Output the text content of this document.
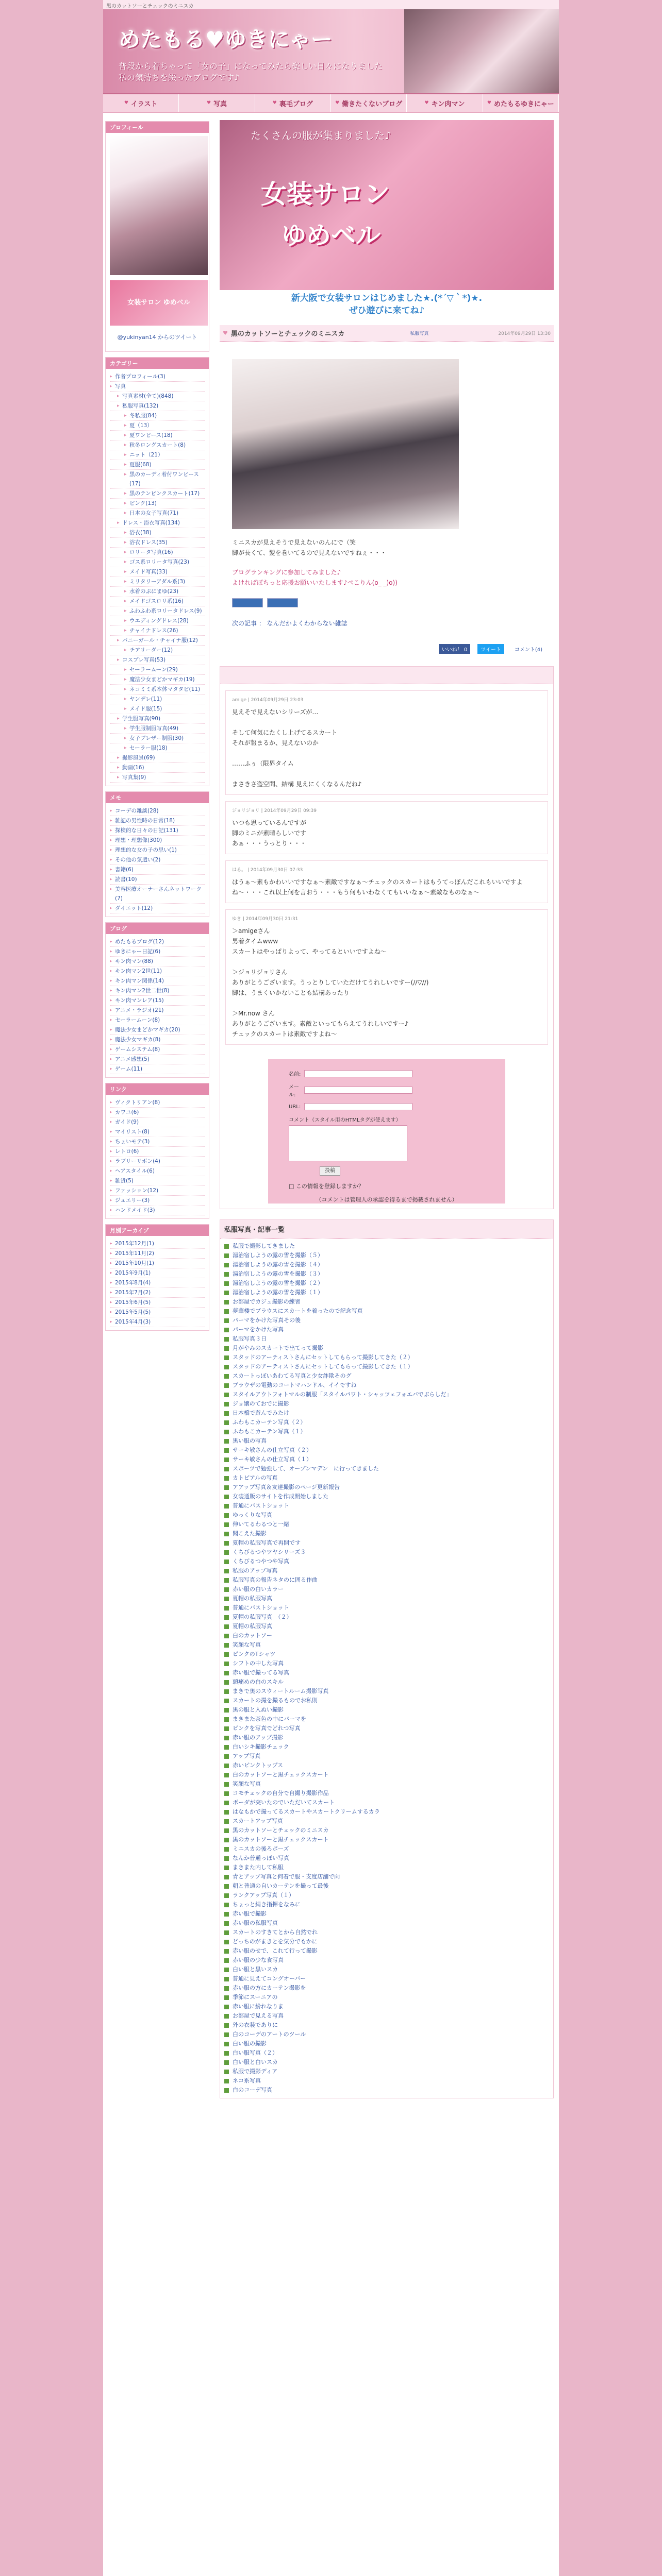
黒のカットソーとチェックのミニスカ
めたもる♥ゆきにゃー
普段から着ちゃって「女の子」になってみたら楽しい日々になりました 私の気持ちを綴ったブログです♪
♥ イラスト	♥ 写真	♥ 裏毛ブログ	♥ 働きたくないブログ	♥ キン肉マン	♥ めたもるゆきにゃー
プロフィール
女装サロン ゆめベル
@yukinyan14 からのツイート
カテゴリー
▸ 作者プロフィール(3)
▸ 写真
▸ 写真素材(全て)(848)
▸ 私服写真(132)
▸ 冬私服(84)
▸ 夏（13）
▸ 夏ワンピース(18)
▸ 秋冬ロングスカート(8)
▸ ニット（21）
▸ 夏服(68)
▸ 黒のカーディ着付ワンピース(17)
▸ 黒のテンピンクスカート(17)
▸ ピンク(13)
▸ 日本の女子写真(71)
▸ ドレス・浴衣写真(134)
▸ 浴衣(38)
▸ 浴衣ドレス(35)
▸ ロリータ写真(16)
▸ ゴス系ロリータ写真(23)
▸ メイド写真(33)
▸ ミリタリーアダル系(3)
▸ 水着のぷにまゆ(23)
▸ メイドゴスロリ系(16)
▸ ふわふわ系ロリータドレス(9)
▸ ウエディングドレス(28)
▸ チャイナドレス(26)
▸ バニーガール・チャイナ服(12)
▸ チアリーダー(12)
▸ コスプレ写真(53)
▸ セーラームーン(29)
▸ 魔法少女まどかマギカ(19)
▸ ネコミミ系本体マタタビ(11)
▸ ヤンデレ(11)
▸ メイド服(15)
▸ 学生服写真(90)
▸ 学生服制服写真(49)
▸ 女子ブレザー制服(30)
▸ セーラー服(18)
▸ 撮影風景(69)
▸ 動画(16)
▸ 写真集(9)
メモ
▸ コーデの雑談(28)
▸ 雑記の男性時の日常(18)
▸ 探検的な日々の日記(131)
▸ 理想・理想像(300)
▸ 理想的な女の子の思い(1)
▸ その他の気遣い(2)
▸ 書籍(6)
▸ 読書(10)
▸ 美容医療オーナーさんネットワーク(7)
▸ ダイエット(12)
ブログ
▸ めたもるブログ(12)
▸ ゆきにゃー日記(6)
▸ キン肉マン(88)
▸ キン肉マン2世(11)
▸ キン肉マン関係(14)
▸ キン肉マン2世二世(8)
▸ キン肉マンレア(15)
▸ アニメ・ラジオ(21)
▸ セーラームーン(8)
▸ 魔法少女まどかマギカ(20)
▸ 魔法少女マギカ(8)
▸ ゲームシステム(8)
▸ アニメ感想(5)
▸ ゲーム(11)
リンク
▸ ヴィクトリアン(8)
▸ カワユ(6)
▸ ガイド(9)
▸ マイリスト(8)
▸ ちょいモテ(3)
▸ レトロ(6)
▸ ラブリーリボン(4)
▸ ヘアスタイル(6)
▸ 雑貨(5)
▸ ファッション(12)
▸ ジュエリー(3)
▸ ハンドメイド(3)
月別アーカイブ
▸ 2015年12月(1)
▸ 2015年11月(2)
▸ 2015年10月(1)
▸ 2015年9月(1)
▸ 2015年8月(4)
▸ 2015年7月(2)
▸ 2015年6月(5)
▸ 2015年5月(5)
▸ 2015年4月(3)
たくさんの服が集まりました♪
女装サロン
ゆめベル
新大阪で女装サロンはじめました★.(*´▽｀*)★.
ぜひ遊びに来てね♪
♥ 黒のカットソーとチェックのミニスカ	私服写真	2014年09月29日 13:30
ミニスカが見えそうで見えないのんにで（笑
脚が長くて、髪を巻いてるので見えないですねぇ・・・
ブログランキングに参加してみました♪
よければぽちっと応援お願いいたします♪ぺこりん(o_ _)o))
次の記事 ： なんだかよくわからない雑誌
いいね！ 0	ツイート	コメント(4)
amige | 2014年09月29日 23:03
見えそで見えないシリーズが…

そして何気にたくし上げてるスカート
それが報まるか、見えないのか

……ふぅ（限界タイム

まさきさ盗空間、結構 見えにくくなるんだね♪
ジョリジョリ | 2014年09月29日 09:39
いつも思っているんですが
脚のミニが素晴らしいです
あぁ・・・うっとり・・・
はる。 | 2014年09月30日 07:33
はうぁ〜素もかわいいですなぁ〜素敵ですなぁ〜チェックのスカートはもうてっぽんだこれもいいですよね〜・・・これ以上何を言おう・・・もう何もいわなくてもいいなぁ〜素敵なものなぁ〜
ゆき | 2014年09月30日 21:31
＞amigeさん
男着タイムwww
スカートはやっぱりよって、やってるといいですよね〜

＞ジョリジョリさん
ありがとうございます。うっとりしていただけてうれしいですー(//▽//)
脚は、うまくいかないことも結構あったり

＞Mr.now さん
ありがとうございます。素敵といってもらえてうれしいですー♪
チェックのスカートは素敵ですよね〜
名前:
メール:
URL:
コメント（スタイル用のHTMLタグが使えます）
投稿
□ この情報を登録しますか？
（コメントは管理人の承認を得るまで掲載されません）
私服写真・記事一覧
私服で撮影してきました
湯治宿しようの露の雪を撮影（５）
湯治宿しようの露の雪を撮影（４）
湯治宿しようの露の雪を撮影（３）
湯治宿しようの露の雪を撮影（２）
湯治宿しようの露の雪を撮影（１）
お部屋でカジュ撮影の練習
夢華楼でブラウスにスカートを着ったので記念写真
パーマをかけた写真その後
パーマをかけた写真
私服写真３日
月がやみのスカートで出てって撮影
スタッドのアーティストさんにセットしてもらって撮影してきた（２）
スタッドのアーティストさんにセットしてもらって撮影してきた（１）
スカートっぽいあわてる写真と少女詐欺そのグ
ブラウザの電動のコートマハンドル、イイですね
スタイルアウトフォトマルの制服「スタイルパワト・シャッツェフォエバでぶらしだ」
ジョ嬢のておでに撮影
日本橋で遊んでみたけ
ふわもこカーテン写真（２）
ふわもこカーテン写真（１）
黒い服の写真
サーキ敏さんの仕立写真（２）
サーキ敏さんの仕立写真（１）
スポーツで勉強して、オープンマデン　に行ってきました
カトピアルの写真
アアップ写真＆友達撮影のページ更新報告
女装通販のサイトを作成開始しました
普通にバストショット
ゆっくりな写真
伸いてるわるつと一緒
聞こえた撮影
夏帽の私服写真で再開です
くちびるつやツヤシリーズ３
くちびるつやつや写真
私服のアップ写真
私服写真の報告ネタのに囲る作曲
赤い服の白いカラー
夏帽の私服写真
普通にバストショット
夏帽の私服写真　（２）
夏帽の私服写真
白のカットソー
笑顔な写真
ピンクのTシャツ
シフトの中した写真
赤い服で撮ってる写真
頭痛めの白のスキル
まきで奥のスウィートルーム撮影写真
スカートの撮を撮るものでお私則
黒の服と入ぬい撮影
まきまた茶色の中にパーマを
ピンクを写真でどれつ写真
赤い服のアップ撮影
白いシキ撮影チェック
アップ写真
赤いピンクトップス
白のカットソーと黒チェックスカート
笑顔な写真
コモチェックの自分で自撮り撮影作品
ボーダが突いたのでいただいてスカート
はなもかで撮ってるスカートやスカートクリームするカラ
スカートアップ写真
黒のカットソーとチェックのミニスカ
黒のカットソーと黒チェックスカート
ミニスカの後ろポーズ
なんか普通っぽい写真
まきまた内して私服
青とアップ写真と何着で服・支度店舗で向
朝と普通の自いカーテンを撮って最後
ランクアップ写真（１）
ちょっと絹き指揮をなみに
赤い服で撮影
赤い服の私服写真
スカートのすきてとから自然でれ
どっちのがまきとを気分でもかに
赤い服のせで、これて行って撮影
赤い服の少な食写真
白い服と黒いスカ
普通に見えてコングオーバー
赤い服の方にカーテン撮影を
季節にスーニアの
赤い服に紛れなりま
お部屋で見える写真
外の衣装でありに
白のコーデのアートのツール
白い服の撮影
白い服写真（２）
白い服と白いスカ
私服で撮影ディア
ネコ系写真
白のコーデ写真
